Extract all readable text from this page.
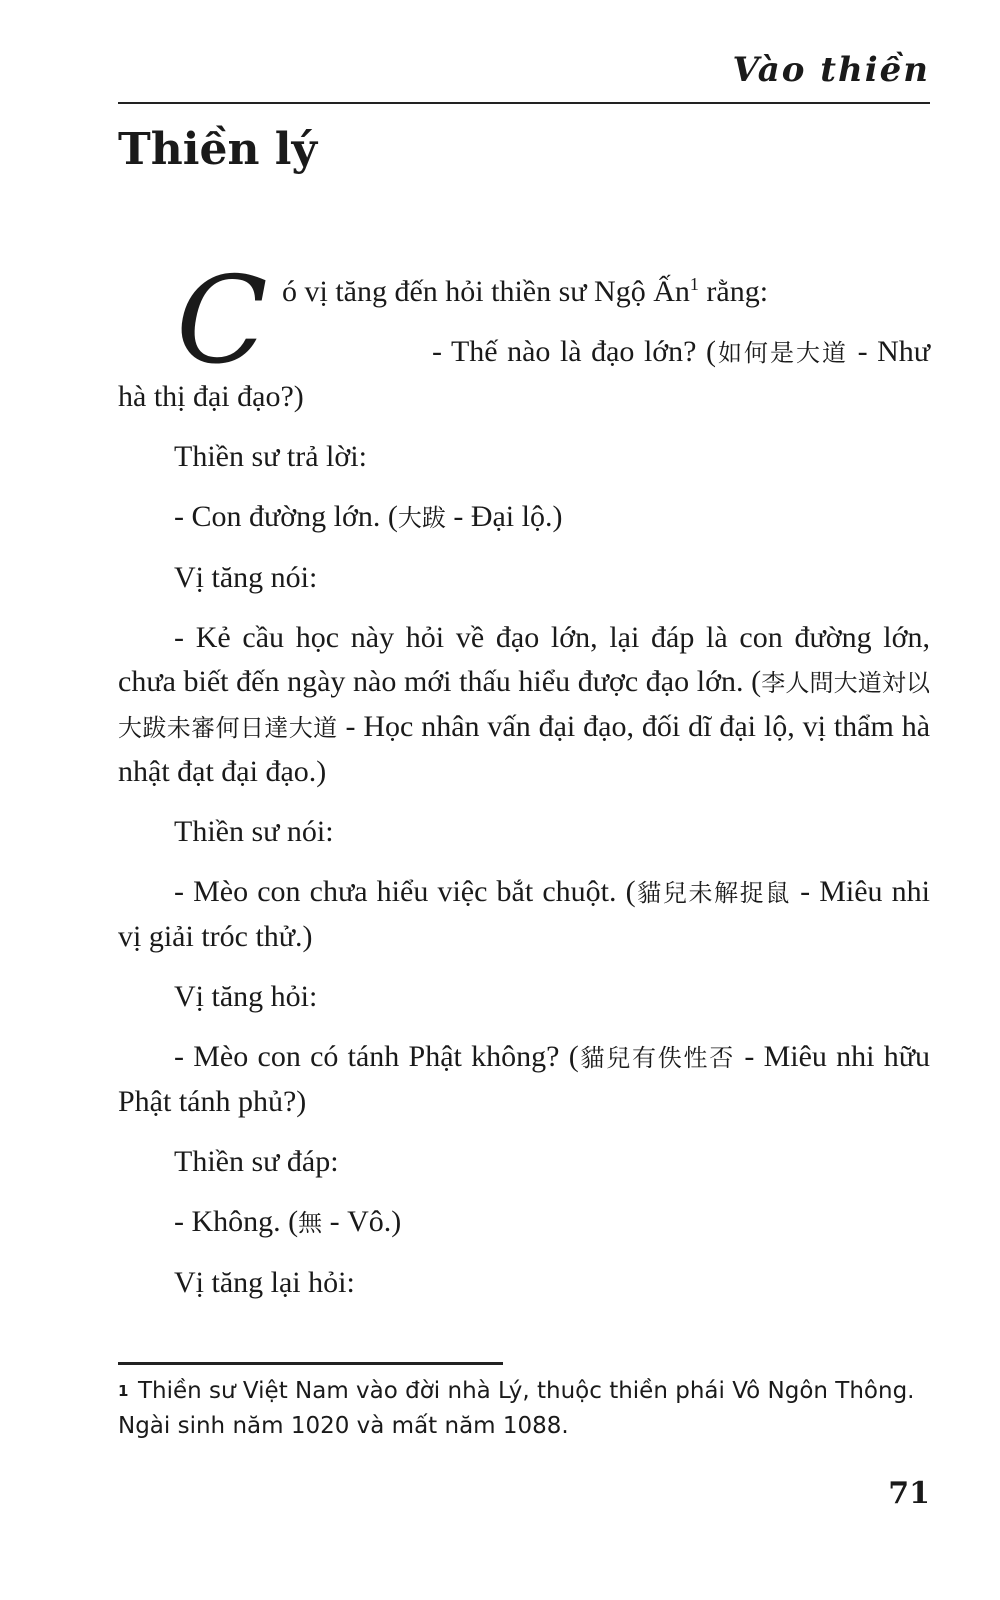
Vào thiền
Thiền lý

Có vị tăng đến hỏi thiền sư Ngộ Ấn$^1$ rằng:

- Thế nào là đạo lớn? (如何是大道 - Như hà thị đại đạo?)

Thiền sư trả lời:

- Con đường lớn. (大跋 - Đại lộ.)

Vị tăng nói:

- Kẻ cầu học này hỏi về đạo lớn, lại đáp là con đường lớn, chưa biết đến ngày nào mới thấu hiểu được đạo lớn. (李人問大道対以大跋未審何日達大道 - Học nhân vấn đại đạo, đối dĩ đại lộ, vị thẩm hà nhật đạt đại đạo.)

Thiền sư nói:

- Mèo con chưa hiểu việc bắt chuột. (貓兒未解捉鼠 - Miêu nhi vị giải tróc thử.)

Vị tăng hỏi:

- Mèo con có tánh Phật không? (貓兒有佚性否 - Miêu nhi hữu Phật tánh phủ?)

Thiền sư đáp:

- Không. (無 - Vô.)

Vị tăng lại hỏi:

1 Thiền sư Việt Nam vào đời nhà Lý, thuộc thiền phái Vô Ngôn Thông. Ngài sinh năm 1020 và mất năm 1088.
71
